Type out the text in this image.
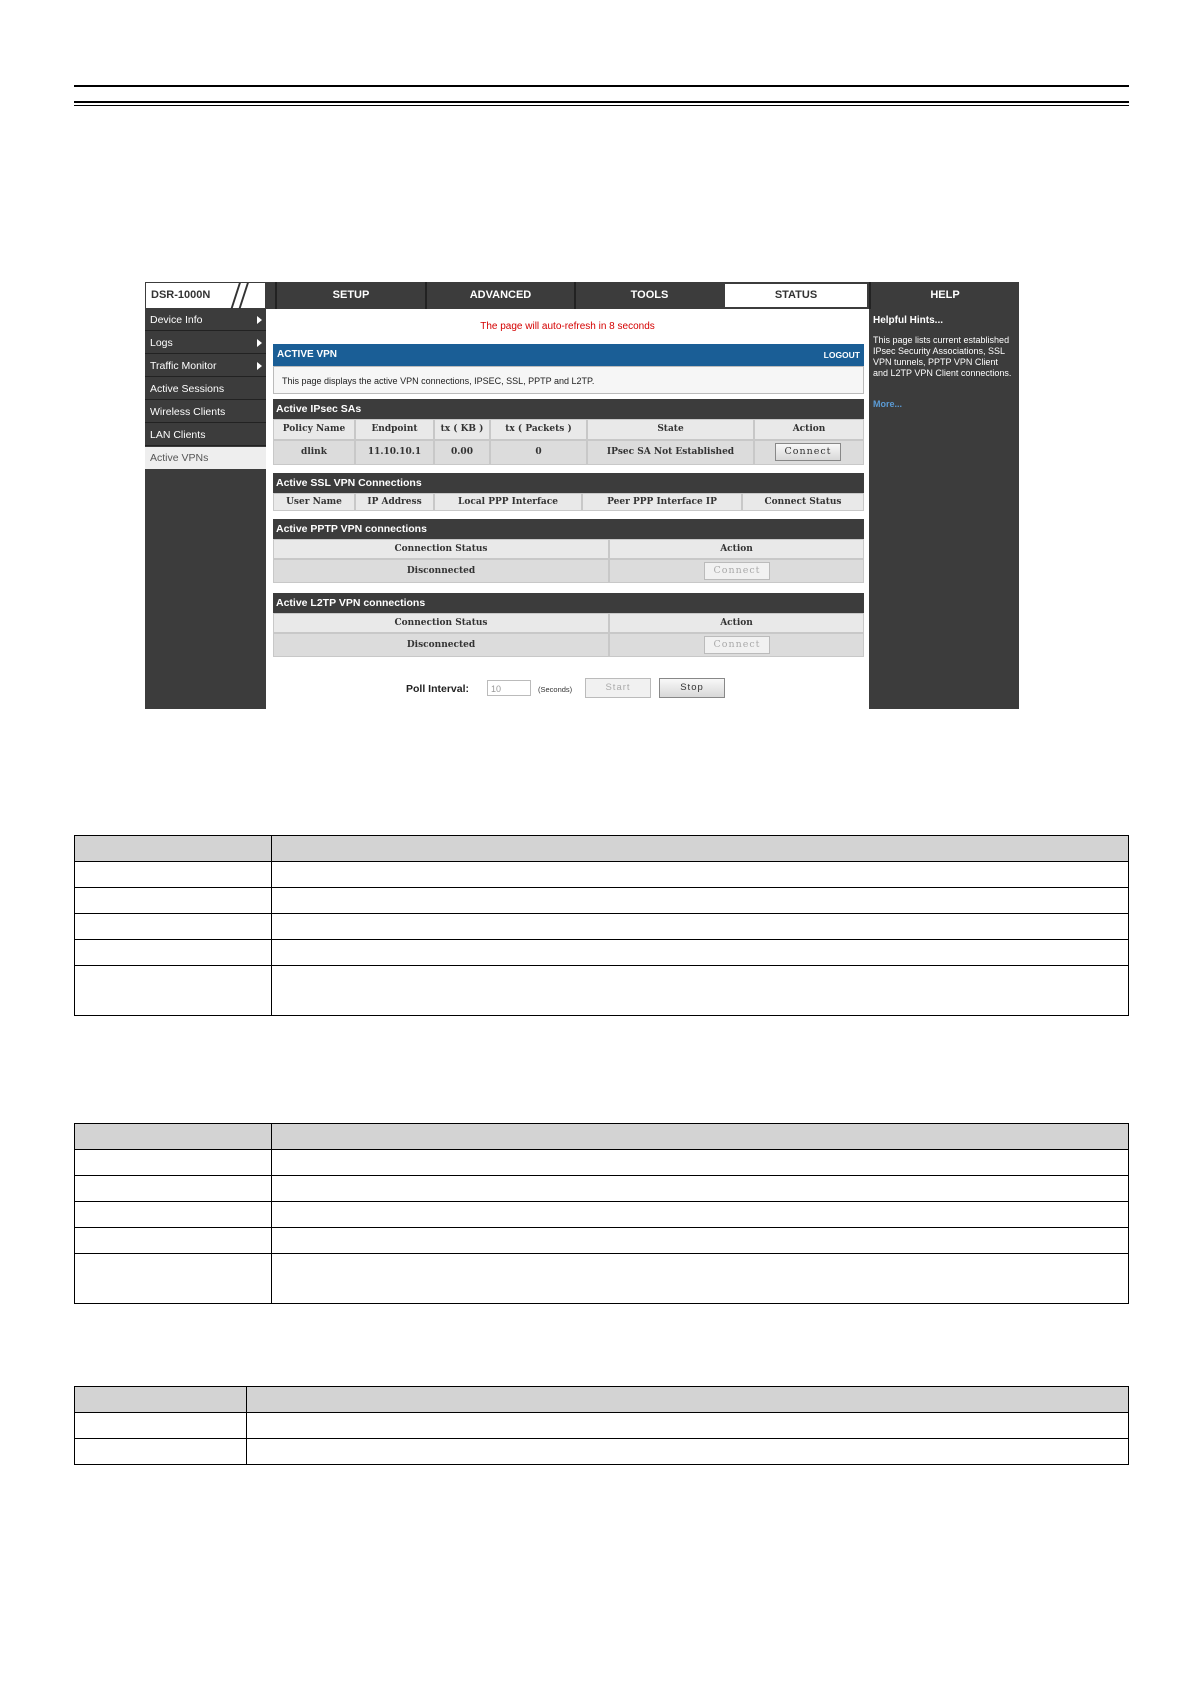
DSR-1000N	SETUP	ADVANCED	TOOLS	STATUS	HELP
Device Info
Logs
Traffic Monitor
Active Sessions
Wireless Clients
LAN Clients
Active VPNs
The page will auto-refresh in 8 seconds
ACTIVE VPN	LOGOUT
This page displays the active VPN connections, IPSEC, SSL, PPTP and L2TP.
Active IPsec SAs
Policy Name	Endpoint	tx ( KB )	tx ( Packets )	State	Action
dlink	11.10.10.1	0.00	0	IPsec SA Not Established	Connect
Active SSL VPN Connections
User Name	IP Address	Local PPP Interface	Peer PPP Interface IP	Connect Status
Active PPTP VPN connections
Connection Status	Action
Disconnected	Connect
Active L2TP VPN connections
Connection Status	Action
Disconnected	Connect
Poll Interval:	10	(Seconds)	Start	Stop
Helpful Hints...
This page lists current established IPsec Security Associations, SSL VPN tunnels, PPTP VPN Client and L2TP VPN Client connections.
More...
